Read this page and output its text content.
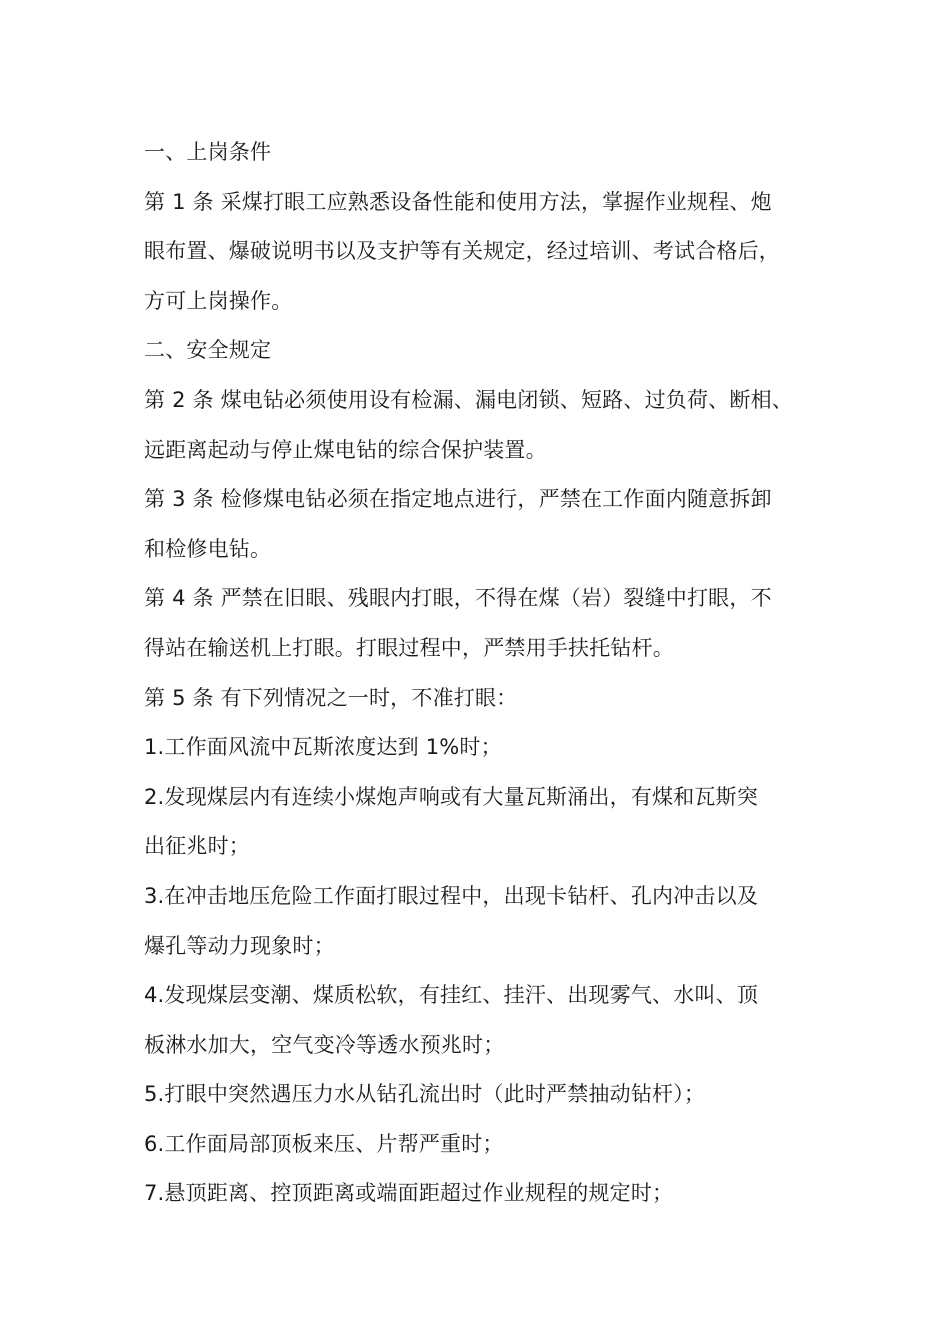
一、上岗条件

第 1 条 采煤打眼工应熟悉设备性能和使用方法，掌握作业规程、炮
眼布置、爆破说明书以及支护等有关规定，经过培训、考试合格后，
方可上岗操作。

二、安全规定

第 2 条 煤电钻必须使用设有检漏、漏电闭锁、短路、过负荷、断相、
远距离起动与停止煤电钻的综合保护装置。

第 3 条 检修煤电钻必须在指定地点进行，严禁在工作面内随意拆卸
和检修电钻。

第 4 条 严禁在旧眼、残眼内打眼，不得在煤（岩）裂缝中打眼，不
得站在输送机上打眼。打眼过程中，严禁用手扶托钻杆。

第 5 条 有下列情况之一时，不准打眼：

1.工作面风流中瓦斯浓度达到 1%时；

2.发现煤层内有连续小煤炮声响或有大量瓦斯涌出，有煤和瓦斯突
出征兆时；

3.在冲击地压危险工作面打眼过程中，出现卡钻杆、孔内冲击以及
爆孔等动力现象时；

4.发现煤层变潮、煤质松软，有挂红、挂汗、出现雾气、水叫、顶
板淋水加大，空气变冷等透水预兆时；

5.打眼中突然遇压力水从钻孔流出时（此时严禁抽动钻杆）；

6.工作面局部顶板来压、片帮严重时；

7.悬顶距离、控顶距离或端面距超过作业规程的规定时；
